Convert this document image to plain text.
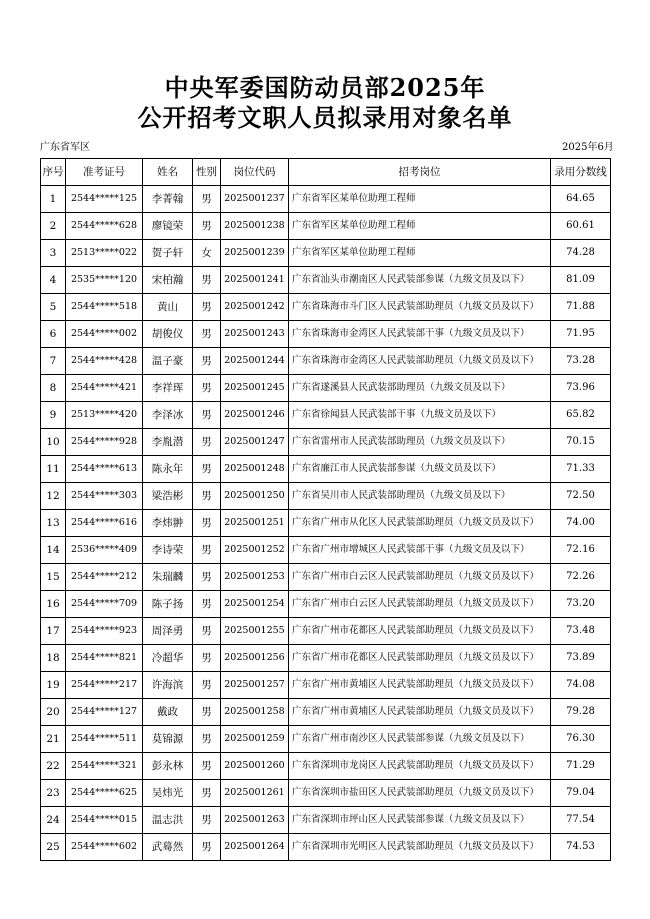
中央军委国防动员部2025年
公开招考文职人员拟录用对象名单
广东省军区	2025年6月
序号	准考证号	姓名	性别	岗位代码	招考岗位	录用分数线
1	2544*****125	李菁翰	男	2025001237	广东省军区某单位助理工程师	64.65
2	2544*****628	廖镜荣	男	2025001238	广东省军区某单位助理工程师	60.61
3	2513*****022	贺子轩	女	2025001239	广东省军区某单位助理工程师	74.28
4	2535*****120	宋柏瀚	男	2025001241	广东省汕头市潮南区人民武装部参谋（九级文员及以下）	81.09
5	2544*****518	黄山	男	2025001242	广东省珠海市斗门区人民武装部助理员（九级文员及以下）	71.88
6	2544*****002	胡俊仪	男	2025001243	广东省珠海市金湾区人民武装部干事（九级文员及以下）	71.95
7	2544*****428	温子豪	男	2025001244	广东省珠海市金湾区人民武装部助理员（九级文员及以下）	73.28
8	2544*****421	李祥珲	男	2025001245	广东省遂溪县人民武装部助理员（九级文员及以下）	73.96
9	2513*****420	李泽冰	男	2025001246	广东省徐闻县人民武装部干事（九级文员及以下）	65.82
10	2544*****928	李胤潜	男	2025001247	广东省雷州市人民武装部助理员（九级文员及以下）	70.15
11	2544*****613	陈永年	男	2025001248	广东省廉江市人民武装部参谋（九级文员及以下）	71.33
12	2544*****303	梁浩彬	男	2025001250	广东省吴川市人民武装部助理员（九级文员及以下）	72.50
13	2544*****616	李炜翀	男	2025001251	广东省广州市从化区人民武装部助理员（九级文员及以下）	74.00
14	2536*****409	李诗荣	男	2025001252	广东省广州市增城区人民武装部干事（九级文员及以下）	72.16
15	2544*****212	朱瑞麟	男	2025001253	广东省广州市白云区人民武装部助理员（九级文员及以下）	72.26
16	2544*****709	陈子扬	男	2025001254	广东省广州市白云区人民武装部助理员（九级文员及以下）	73.20
17	2544*****923	周泽勇	男	2025001255	广东省广州市花都区人民武装部助理员（九级文员及以下）	73.48
18	2544*****821	冷超华	男	2025001256	广东省广州市花都区人民武装部助理员（九级文员及以下）	73.89
19	2544*****217	许海滨	男	2025001257	广东省广州市黄埔区人民武装部助理员（九级文员及以下）	74.08
20	2544*****127	戴政	男	2025001258	广东省广州市黄埔区人民武装部助理员（九级文员及以下）	79.28
21	2544*****511	莫锦源	男	2025001259	广东省广州市南沙区人民武装部参谋（九级文员及以下）	76.30
22	2544*****321	彭永林	男	2025001260	广东省深圳市龙岗区人民武装部助理员（九级文员及以下）	71.29
23	2544*****625	吴炜光	男	2025001261	广东省深圳市盐田区人民武装部助理员（九级文员及以下）	79.04
24	2544*****015	温志洪	男	2025001263	广东省深圳市坪山区人民武装部参谋（九级文员及以下）	77.54
25	2544*****602	武蓦然	男	2025001264	广东省深圳市光明区人民武装部助理员（九级文员及以下）	74.53
